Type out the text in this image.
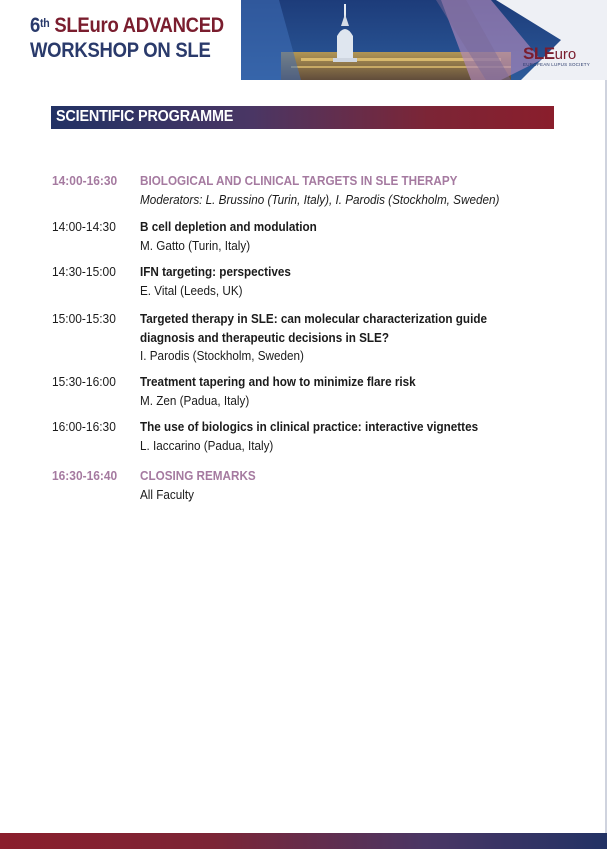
6th SLEuro ADVANCED
WORKSHOP ON SLE	SLEuro
EUROPEAN LUPUS SOCIETY
SCIENTIFIC PROGRAMME
14:00-16:30	BIOLOGICAL AND CLINICAL TARGETS IN SLE THERAPY
Moderators: L. Brussino (Turin, Italy), I. Parodis (Stockholm, Sweden)
14:00-14:30	B cell depletion and modulation
M. Gatto (Turin, Italy)
14:30-15:00	IFN targeting: perspectives
E. Vital (Leeds, UK)
15:00-15:30	Targeted therapy in SLE: can molecular characterization guide
diagnosis and therapeutic decisions in SLE?
I. Parodis (Stockholm, Sweden)
15:30-16:00	Treatment tapering and how to minimize flare risk
M. Zen (Padua, Italy)
16:00-16:30	The use of biologics in clinical practice: interactive vignettes
L. Iaccarino (Padua, Italy)
16:30-16:40	CLOSING REMARKS
All Faculty
